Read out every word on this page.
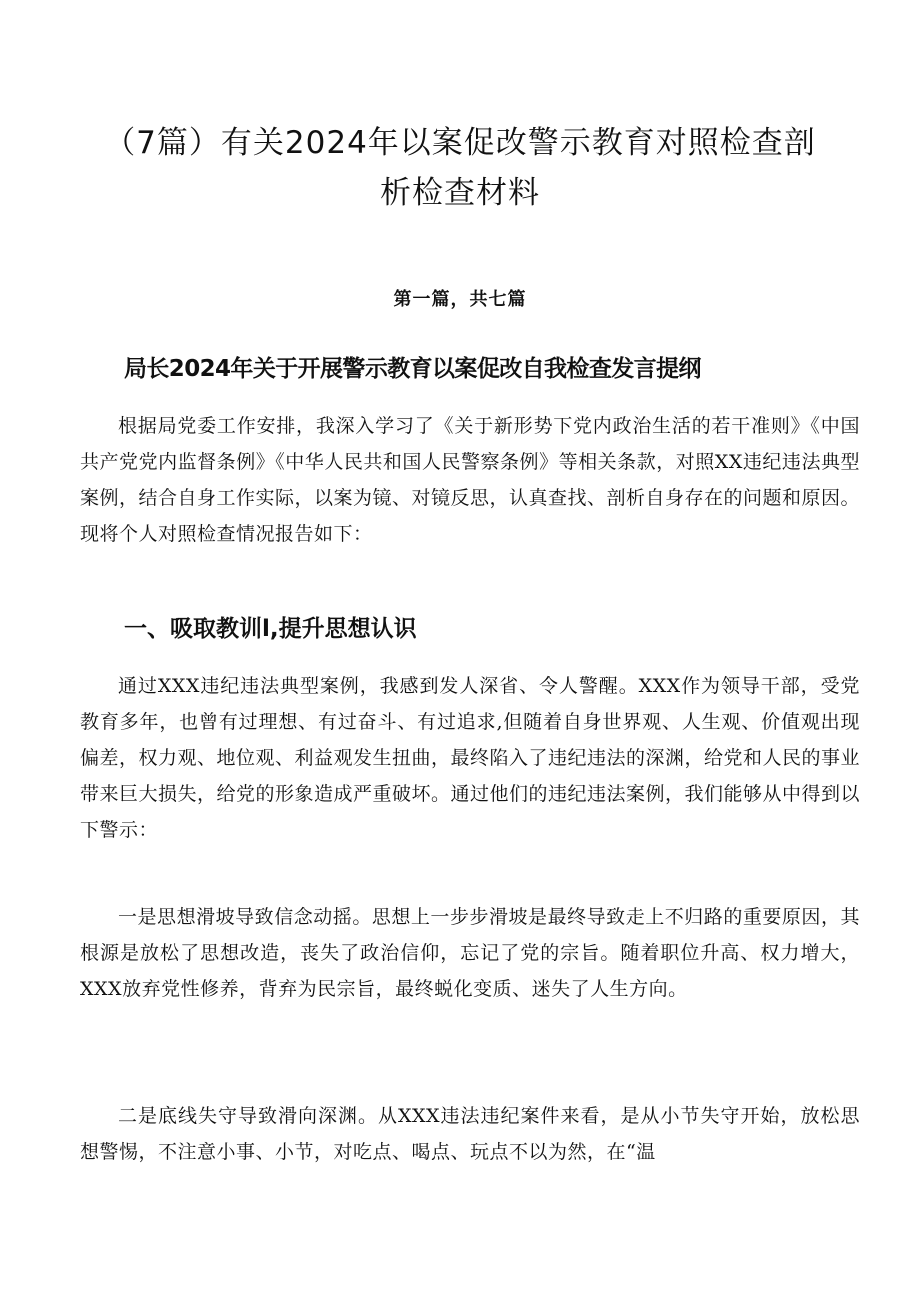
（7篇）有关2024年以案促改警示教育对照检查剖
析检查材料
第一篇，共七篇
局长2024年关于开展警示教育以案促改自我检查发言提纲

根据局党委工作安排，我深入学习了《关于新形势下党内政治生活的若干准则》《中国共产党党内监督条例》《中华人民共和国人民警察条例》等相关条款，对照XX违纪违法典型案例，结合自身工作实际，以案为镜、对镜反思，认真查找、剖析自身存在的问题和原因。现将个人对照检查情况报告如下：

一、吸取教训l,提升思想认识

通过XXX违纪违法典型案例，我感到发人深省、令人警醒。XXX作为领导干部，受党教育多年，也曾有过理想、有过奋斗、有过追求,但随着自身世界观、人生观、价值观出现偏差，权力观、地位观、利益观发生扭曲，最终陷入了违纪违法的深渊，给党和人民的事业带来巨大损失，给党的形象造成严重破坏。通过他们的违纪违法案例，我们能够从中得到以下警示：

一是思想滑坡导致信念动摇。思想上一步步滑坡是最终导致走上不归路的重要原因，其根源是放松了思想改造，丧失了政治信仰，忘记了党的宗旨。随着职位升高、权力增大，XXX放弃党性修养，背弃为民宗旨，最终蜕化变质、迷失了人生方向。

二是底线失守导致滑向深渊。从XXX违法违纪案件来看，是从小节失守开始，放松思想警惕，不注意小事、小节，对吃点、喝点、玩点不以为然，在“温
